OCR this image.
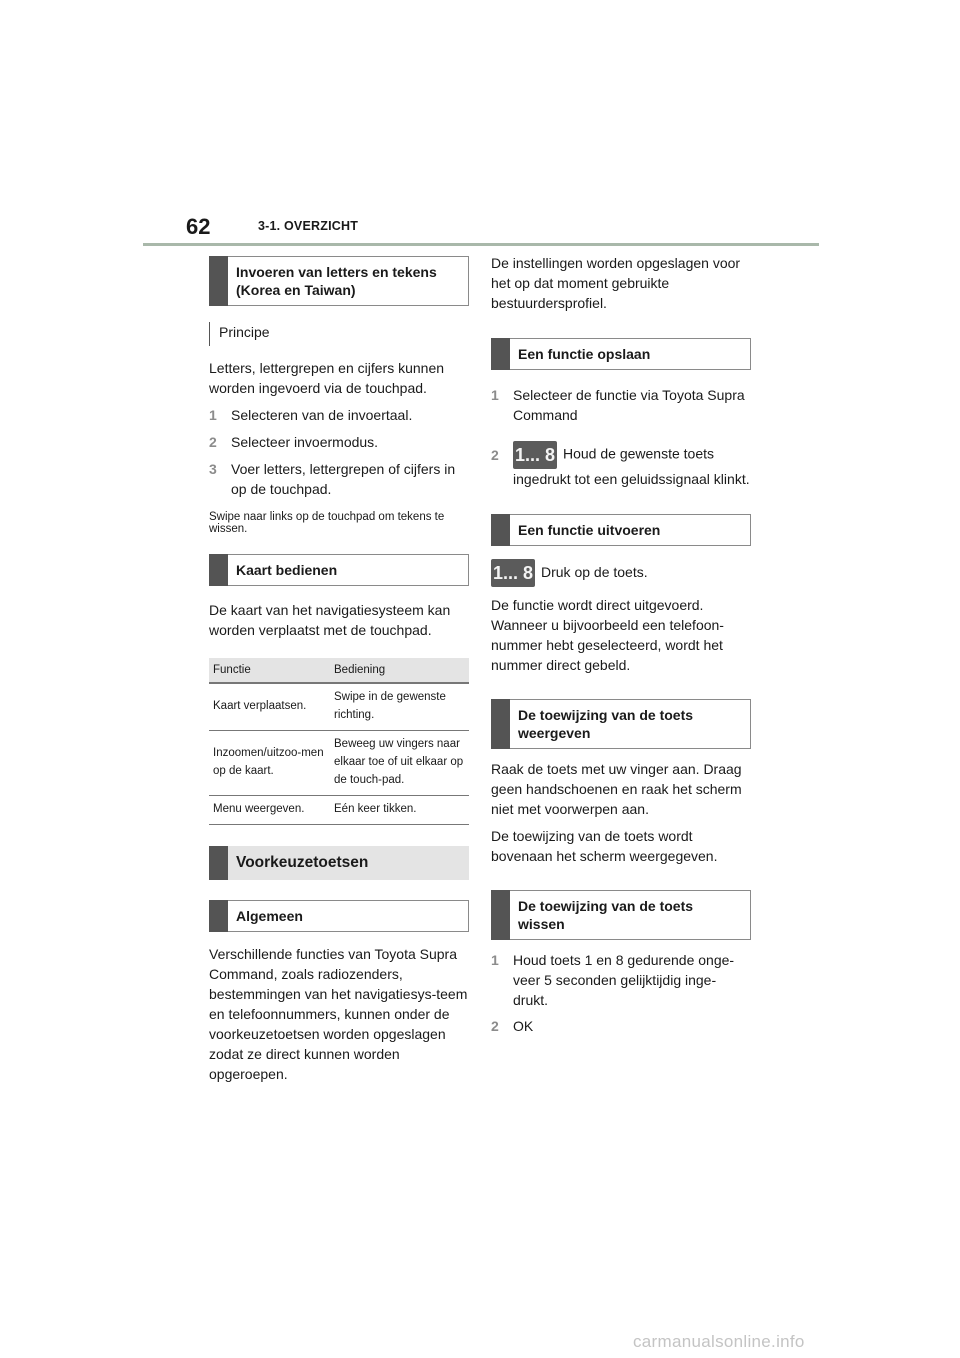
62	3-1. OVERZICHT
Invoeren van letters en tekens (Korea en Taiwan)
Principe

Letters, lettergrepen en cijfers kunnen worden ingevoerd via de touchpad.

1 Selecteren van de invoertaal.
2 Selecteer invoermodus.
3 Voer letters, lettergrepen of cijfers in op de touchpad.

Swipe naar links op de touchpad om tekens te wissen.

Kaart bedienen

De kaart van het navigatiesysteem kan worden verplaatst met de touchpad.

Functie	Bediening
Kaart verplaatsen.	Swipe in de gewenste richting.
Inzoomen/uitzoo-men op de kaart.	Beweeg uw vingers naar elkaar toe of uit elkaar op de touch-pad.
Menu weergeven.	Eén keer tikken.
Voorkeuzetoetsen
Algemeen

Verschillende functies van Toyota Supra Command, zoals radiozenders, bestemmingen van het navigatiesys-teem en telefoonnummers, kunnen onder de voorkeuzetoetsen worden opgeslagen zodat ze direct kunnen worden opgeroepen.

De instellingen worden opgeslagen voor het op dat moment gebruikte bestuurdersprofiel.

Een functie opslaan
1 Selecteer de functie via Toyota Supra Command
2 1... 8 Houd de gewenste toets ingedrukt tot een geluidssignaal klinkt.
Een functie uitvoeren
1... 8 Druk op de toets.

De functie wordt direct uitgevoerd. Wanneer u bijvoorbeeld een telefoon-nummer hebt geselecteerd, wordt het nummer direct gebeld.

De toewijzing van de toets weergeven

Raak de toets met uw vinger aan. Draag geen handschoenen en raak het scherm niet met voorwerpen aan.

De toewijzing van de toets wordt bovenaan het scherm weergegeven.

De toewijzing van de toets wissen
1 Houd toets 1 en 8 gedurende onge-veer 5 seconden gelijktijdig inge-drukt.
2 OK
carmanualsonline.info
